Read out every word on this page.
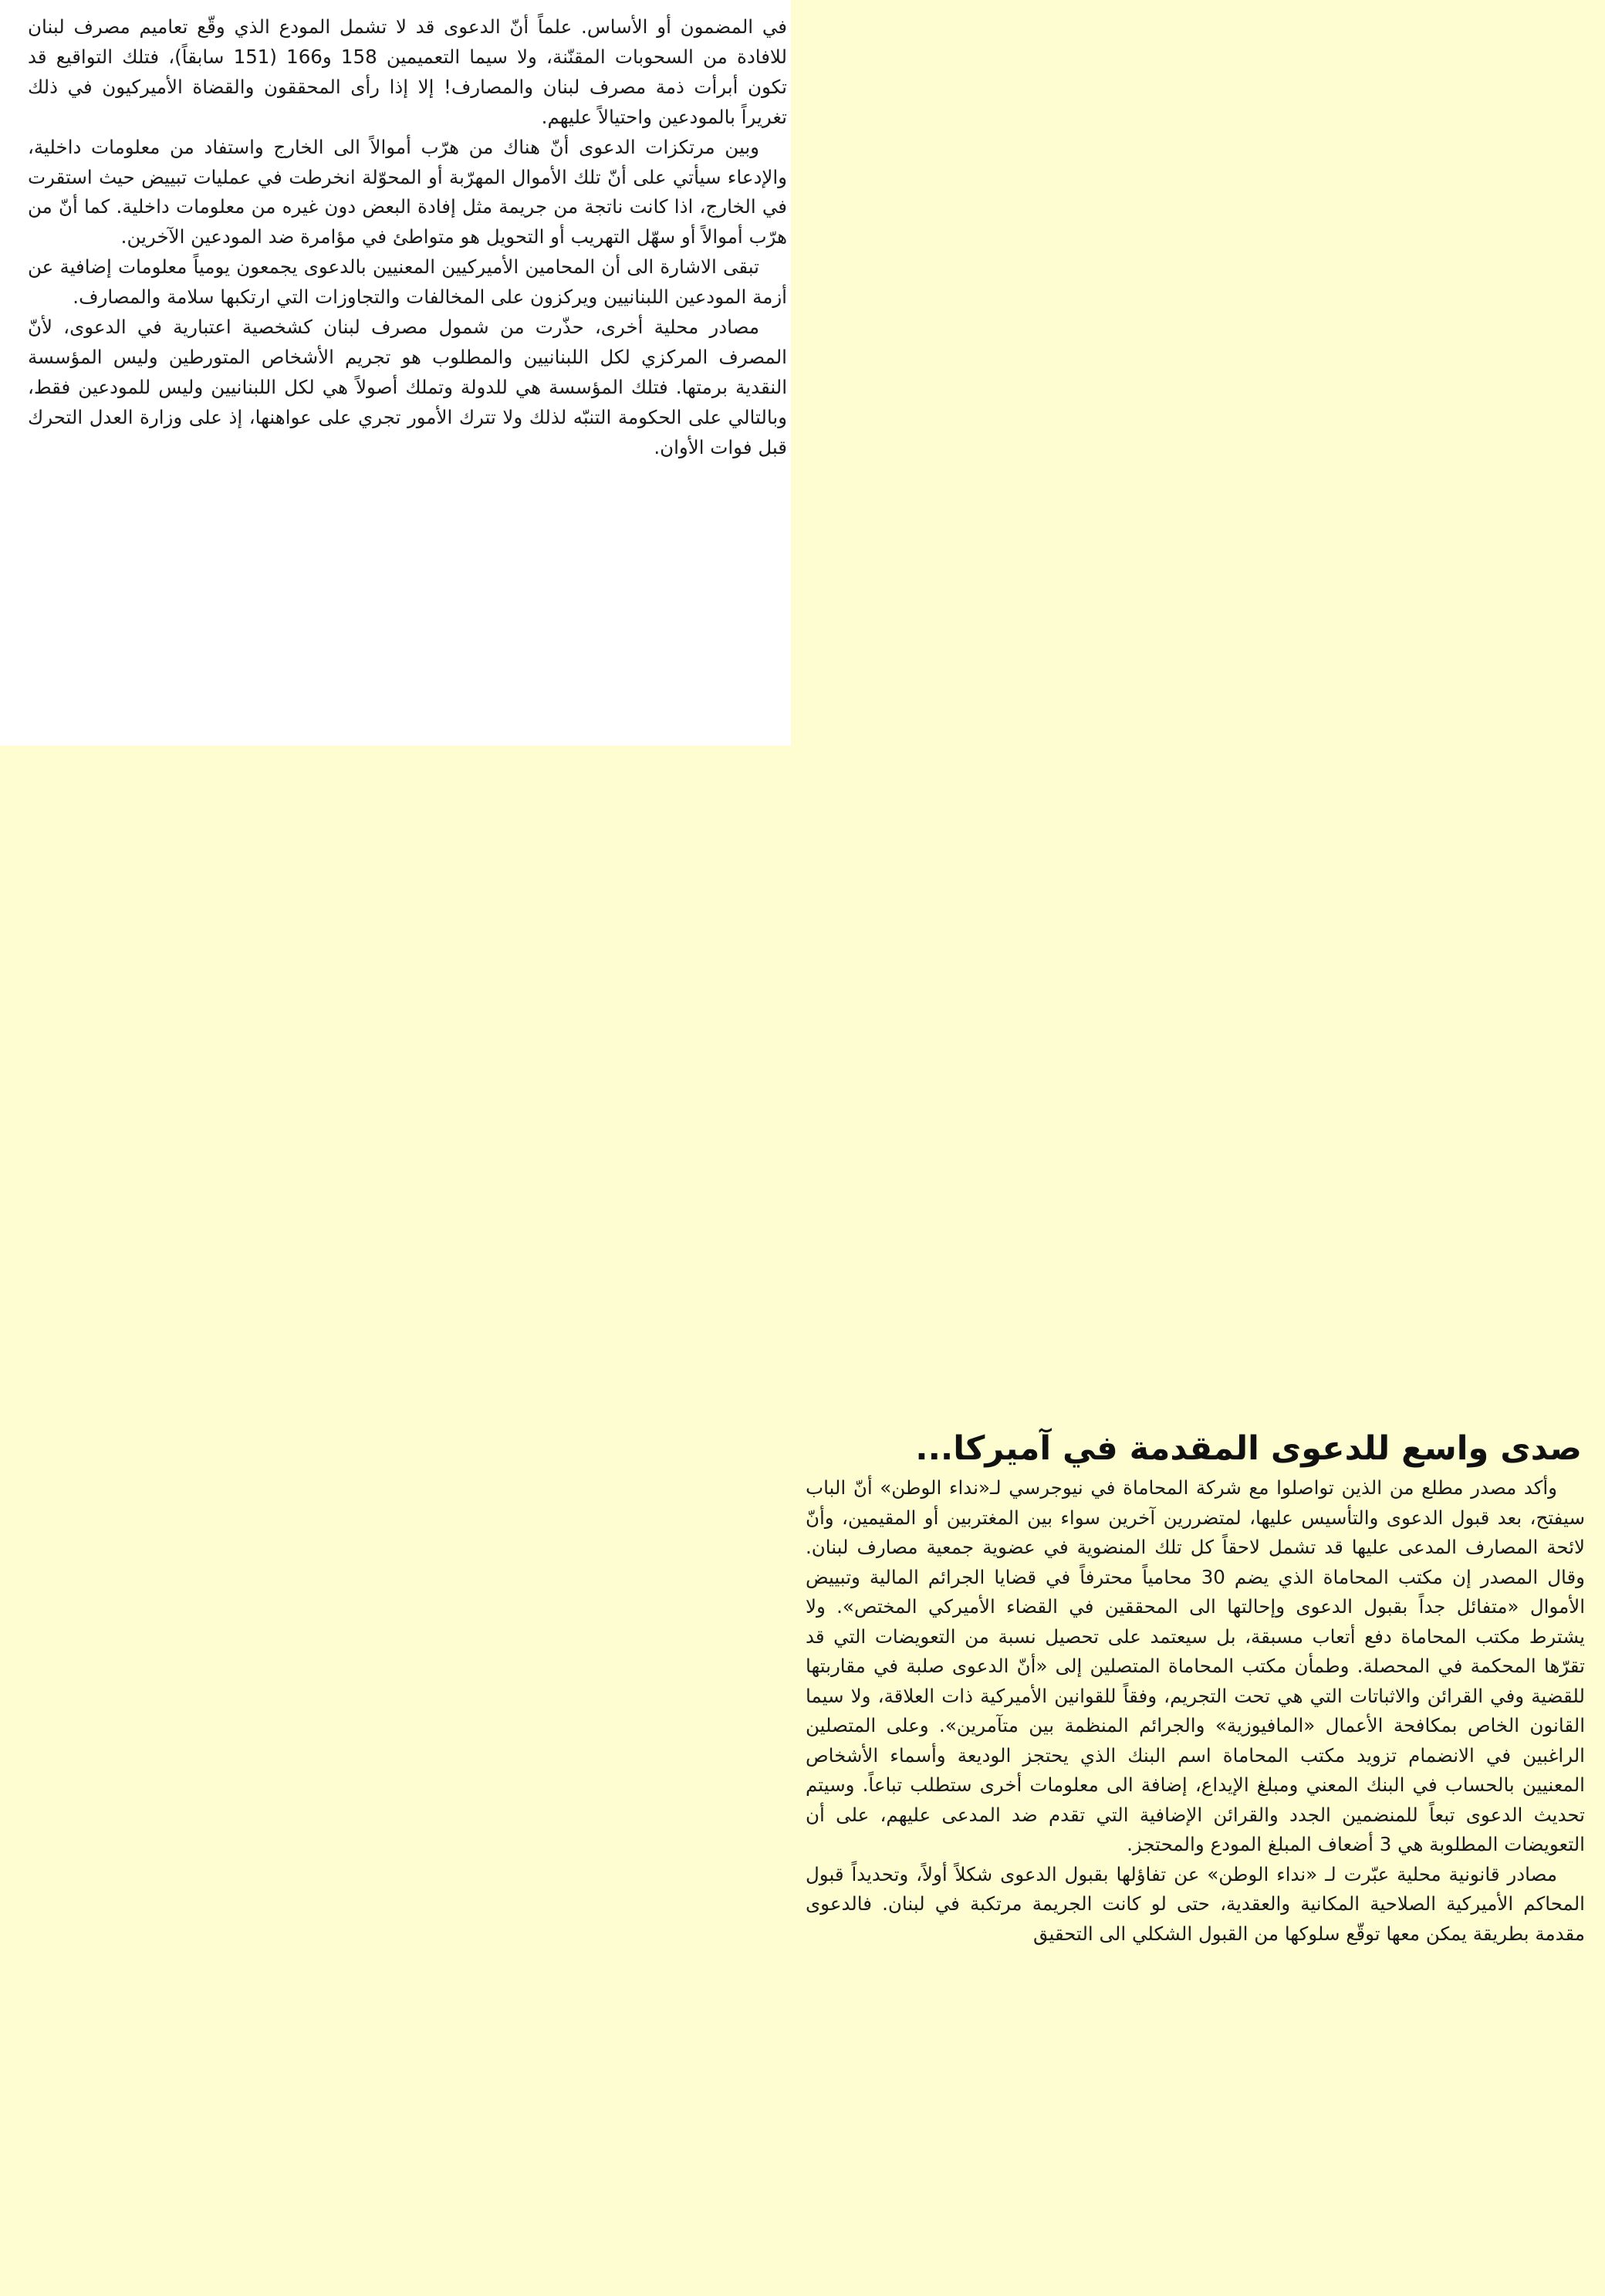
في المضمون أو الأساس. علماً أنّ الدعوى قد لا تشمل المودع الذي وقّع تعاميم مصرف لبنان للافادة من السحوبات المقنّنة، ولا سيما التعميمين 158 و166 (151 سابقاً)، فتلك التواقيع قد تكون أبرأت ذمة مصرف لبنان والمصارف! إلا إذا رأى المحققون والقضاة الأميركيون في ذلك تغريراً بالمودعين واحتيالاً عليهم.

وبين مرتكزات الدعوى أنّ هناك من هرّب أموالاً الى الخارج واستفاد من معلومات داخلية، والإدعاء سيأتي على أنّ تلك الأموال المهرّبة أو المحوّلة انخرطت في عمليات تبييض حيث استقرت في الخارج، اذا كانت ناتجة من جريمة مثل إفادة البعض دون غيره من معلومات داخلية. كما أنّ من هرّب أموالاً أو سهّل التهريب أو التحويل هو متواطئ في مؤامرة ضد المودعين الآخرين.

تبقى الاشارة الى أن المحامين الأميركيين المعنيين بالدعوى يجمعون يومياً معلومات إضافية عن أزمة المودعين اللبنانيين ويركزون على المخالفات والتجاوزات التي ارتكبها سلامة والمصارف.

مصادر محلية أخرى، حذّرت من شمول مصرف لبنان كشخصية اعتبارية في الدعوى، لأنّ المصرف المركزي لكل اللبنانيين والمطلوب هو تجريم الأشخاص المتورطين وليس المؤسسة النقدية برمتها. فتلك المؤسسة هي للدولة وتملك أصولاً هي لكل اللبنانيين وليس للمودعين فقط، وبالتالي على الحكومة التنبّه لذلك ولا تترك الأمور تجري على عواهنها، إذ على وزارة العدل التحرك قبل فوات الأوان.

صدى واسع للدعوى المقدمة في آميركا...

وأكد مصدر مطلع من الذين تواصلوا مع شركة المحاماة في نيوجرسي لـ«نداء الوطن» أنّ الباب سيفتح، بعد قبول الدعوى والتأسيس عليها، لمتضررين آخرين سواء بين المغتربين أو المقيمين، وأنّ لائحة المصارف المدعى عليها قد تشمل لاحقاً كل تلك المنضوية في عضوية جمعية مصارف لبنان. وقال المصدر إن مكتب المحاماة الذي يضم 30 محامياً محترفاً في قضايا الجرائم المالية وتبييض الأموال «متفائل جداً بقبول الدعوى وإحالتها الى المحققين في القضاء الأميركي المختص». ولا يشترط مكتب المحاماة دفع أتعاب مسبقة، بل سيعتمد على تحصيل نسبة من التعويضات التي قد تقرّها المحكمة في المحصلة. وطمأن مكتب المحاماة المتصلين إلى «أنّ الدعوى صلبة في مقاربتها للقضية وفي القرائن والاثباتات التي هي تحت التجريم، وفقاً للقوانين الأميركية ذات العلاقة، ولا سيما القانون الخاص بمكافحة الأعمال «المافيوزية» والجرائم المنظمة بين متآمرين». وعلى المتصلين الراغبين في الانضمام تزويد مكتب المحاماة اسم البنك الذي يحتجز الوديعة وأسماء الأشخاص المعنيين بالحساب في البنك المعني ومبلغ الإيداع، إضافة الى معلومات أخرى ستطلب تباعاً. وسيتم تحديث الدعوى تبعاً للمنضمين الجدد والقرائن الإضافية التي تقدم ضد المدعى عليهم، على أن التعويضات المطلوبة هي 3 أضعاف المبلغ المودع والمحتجز.

مصادر قانونية محلية عبّرت لـ «نداء الوطن» عن تفاؤلها بقبول الدعوى شكلاً أولاً، وتحديداً قبول المحاكم الأميركية الصلاحية المكانية والعقدية، حتى لو كانت الجريمة مرتكبة في لبنان. فالدعوى مقدمة بطريقة يمكن معها توقّع سلوكها من القبول الشكلي الى التحقيق
